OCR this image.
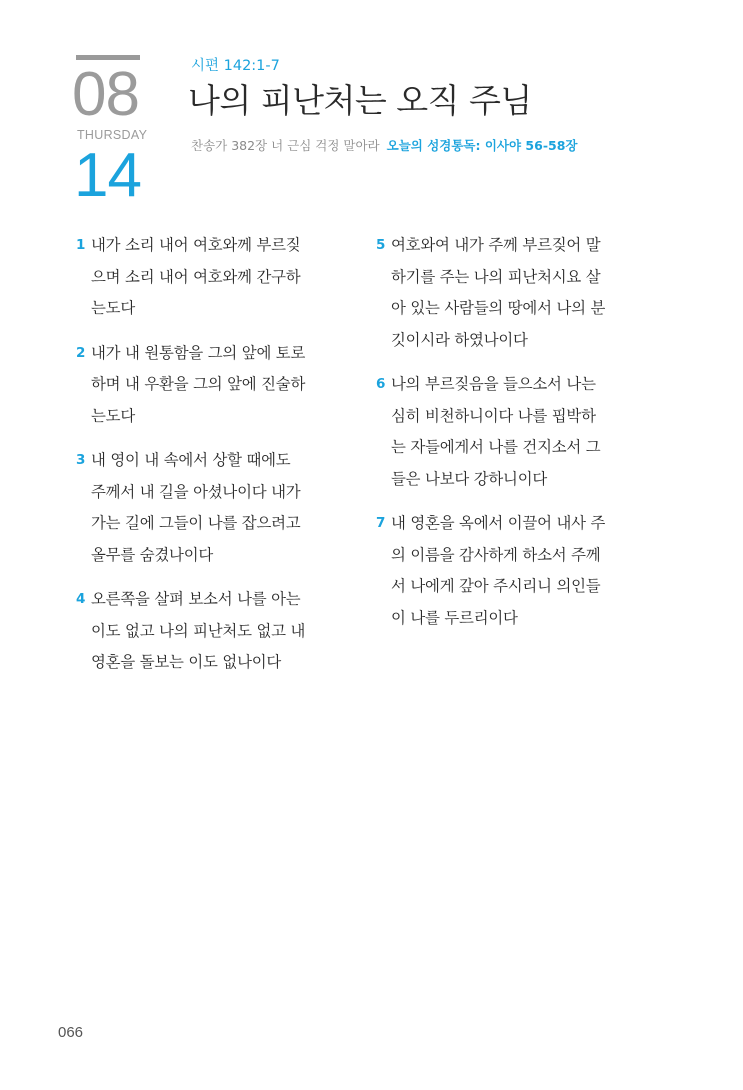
08
THURSDAY
14
시편 142:1-7
나의 피난처는 오직 주님
찬송가 382장 너 근심 걱정 말아라 오늘의 성경통독: 이사야 56-58장
1 내가 소리 내어 여호와께 부르짖
으며 소리 내어 여호와께 간구하
는도다
2 내가 내 원통함을 그의 앞에 토로
하며 내 우환을 그의 앞에 진술하
는도다
3 내 영이 내 속에서 상할 때에도
주께서 내 길을 아셨나이다 내가
가는 길에 그들이 나를 잡으려고
올무를 숨겼나이다
4 오른쪽을 살펴 보소서 나를 아는
이도 없고 나의 피난처도 없고 내
영혼을 돌보는 이도 없나이다
5 여호와여 내가 주께 부르짖어 말
하기를 주는 나의 피난처시요 살
아 있는 사람들의 땅에서 나의 분
깃이시라 하였나이다
6 나의 부르짖음을 들으소서 나는
심히 비천하니이다 나를 핍박하
는 자들에게서 나를 건지소서 그
들은 나보다 강하니이다
7 내 영혼을 옥에서 이끌어 내사 주
의 이름을 감사하게 하소서 주께
서 나에게 갚아 주시리니 의인들
이 나를 두르리이다
066
